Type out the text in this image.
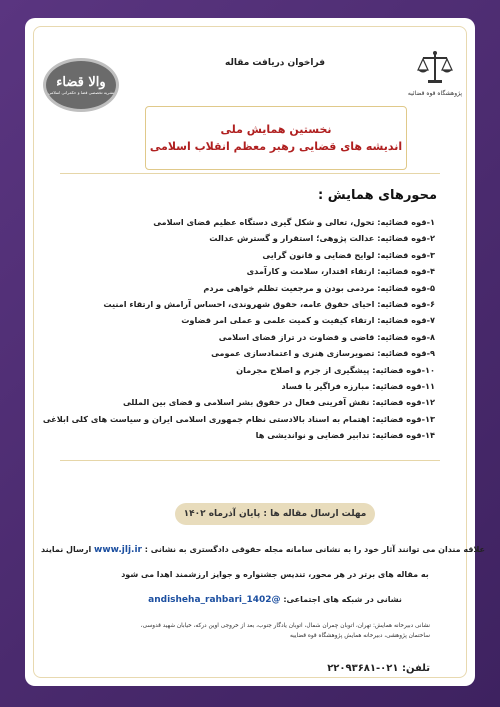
والا قضاء
نشریه تخصصی قضا و حکمرانی اسلامی	پژوهشگاه قوه قضائیه
فراخوان دریافت مقاله
نخستین همایش ملی
اندیشه های قضایی رهبر معظم انقلاب اسلامی
محورهای همایش :
۱-قوه قضائیه: تحول، تعالی و شکل گیری دستگاه عظیم قضای اسلامی
۲-قوه قضائیه: عدالت پژوهی؛ استقرار و گسترش عدالت
۳-قوه قضائیه: لوایح قضایی و قانون گرایی
۴-قوه قضائیه: ارتقاء اقتدار، سلامت و کارآمدی
۵-قوه قضائیه: مردمی بودن و مرجعیت تظلم خواهی مردم
۶-قوه قضائیه: احیای حقوق عامه، حقوق شهروندی، احساس آرامش و ارتقاء امنیت
۷-قوه قضائیه: ارتقاء کیفیت و کمیت علمی و عملی امر قضاوت
۸-قوه قضائیه: قاضی و قضاوت در تراز قضای اسلامی
۹-قوه قضائیه: تصویرسازی هنری و اعتمادسازی عمومی
۱۰-قوه قضائیه: پیشگیری از جرم و اصلاح مجرمان
۱۱-قوه قضائیه: مبارزه فراگیر با فساد
۱۲-قوه قضائیه: نقش آفرینی فعال در حقوق بشر اسلامی و قضای بین المللی
۱۳-قوه قضائیه: اهتمام به اسناد بالادستی نظام جمهوری اسلامی ایران و سیاست های کلی ابلاغی
۱۴-قوه قضائیه: تدابیر قضایی و نواندیشی ها
مهلت ارسال مقاله ها : پایان آذرماه ۱۴۰۲
علاقه مندان می توانند آثار خود را به نشانی سامانه مجله حقوقی دادگستری به نشانی : www.jlj.ir ارسال نمایند
به مقاله های برتر در هر محور، تندیس جشنواره و جوایز ارزشمند اهدا می شود
نشانی در شبکه های اجتماعی: @andisheha_rahbari_1402
نشانی دبیرخانه همایش: تهران، اتوبان چمران شمال، اتوبان یادگار جنوب، بعد از خروجی اوین درکه، خیابان شهید قدوسی،
ساختمان پژوهشی، دبیرخانه همایش پژوهشگاه قوه قضاییه
تلفن: ۰۲۱-۲۲۰۹۳۶۸۱
